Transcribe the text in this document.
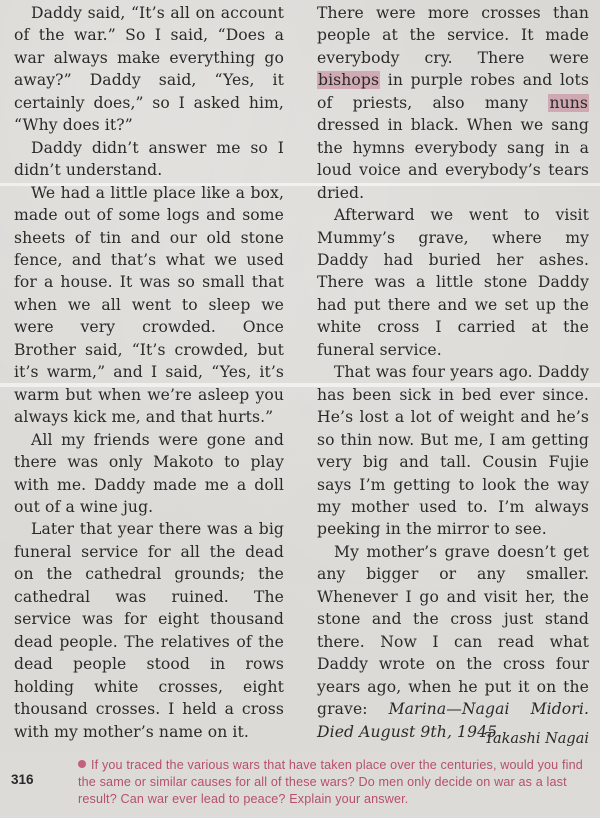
Daddy said, “It’s all on account of the war.” So I said, “Does a war always make everything go away?” Daddy said, “Yes, it certainly does,” so I asked him, “Why does it?”

Daddy didn’t answer me so I didn’t understand.

We had a little place like a box, made out of some logs and some sheets of tin and our old stone fence, and that’s what we used for a house. It was so small that when we all went to sleep we were very crowded. Once Brother said, “It’s crowded, but it’s warm,” and I said, “Yes, it’s warm but when we’re asleep you always kick me, and that hurts.”

All my friends were gone and there was only Makoto to play with me. Daddy made me a doll out of a wine jug.

Later that year there was a big funeral service for all the dead on the cathedral grounds; the cathedral was ruined. The service was for eight thousand dead people. The relatives of the dead people stood in rows holding white crosses, eight thousand crosses. I held a cross with my mother’s name on it.

There were more crosses than people at the service. It made everybody cry. There were bishops in purple robes and lots of priests, also many nuns dressed in black. When we sang the hymns everybody sang in a loud voice and everybody’s tears dried.

Afterward we went to visit Mummy’s grave, where my Daddy had buried her ashes. There was a little stone Daddy had put there and we set up the white cross I carried at the funeral service.

That was four years ago. Daddy has been sick in bed ever since. He’s lost a lot of weight and he’s so thin now. But me, I am getting very big and tall. Cousin Fujie says I’m getting to look the way my mother used to. I’m always peeking in the mirror to see.

My mother’s grave doesn’t get any bigger or any smaller. Whenever I go and visit her, the stone and the cross just stand there. Now I can read what Daddy wrote on the cross four years ago, when he put it on the grave: Marina—Nagai Midori. Died August 9th, 1945.

Takashi Nagai
316
If you traced the various wars that have taken place over the centuries, would you find the same or similar causes for all of these wars? Do men only decide on war as a last result? Can war ever lead to peace? Explain your answer.
